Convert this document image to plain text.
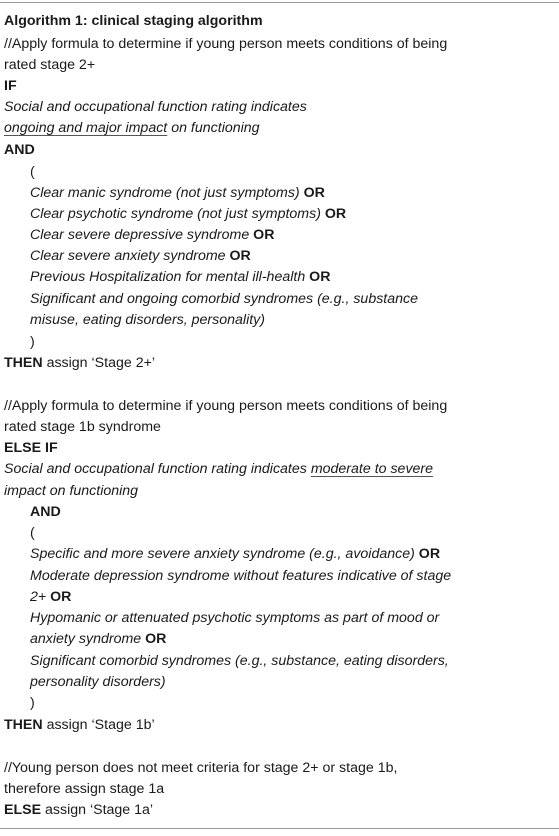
Algorithm 1: clinical staging algorithm
//Apply formula to determine if young person meets conditions of being
rated stage 2+
IF
Social and occupational function rating indicates
ongoing and major impact on functioning
AND
(
Clear manic syndrome (not just symptoms) OR
Clear psychotic syndrome (not just symptoms) OR
Clear severe depressive syndrome OR
Clear severe anxiety syndrome OR
Previous Hospitalization for mental ill-health OR
Significant and ongoing comorbid syndromes (e.g., substance
misuse, eating disorders, personality)
)
THEN assign ‘Stage 2+’
//Apply formula to determine if young person meets conditions of being
rated stage 1b syndrome
ELSE IF
Social and occupational function rating indicates moderate to severe
impact on functioning
AND
(
Specific and more severe anxiety syndrome (e.g., avoidance) OR
Moderate depression syndrome without features indicative of stage
2+ OR
Hypomanic or attenuated psychotic symptoms as part of mood or
anxiety syndrome OR
Significant comorbid syndromes (e.g., substance, eating disorders,
personality disorders)
)
THEN assign ‘Stage 1b’
//Young person does not meet criteria for stage 2+ or stage 1b,
therefore assign stage 1a
ELSE assign ‘Stage 1a’
